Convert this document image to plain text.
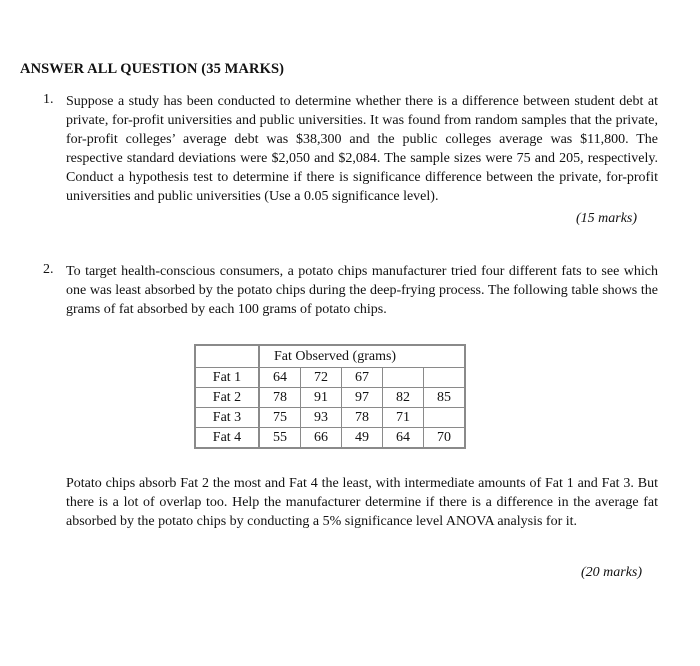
ANSWER ALL QUESTION (35 MARKS)
1. Suppose a study has been conducted to determine whether there is a difference between student debt at private, for-profit universities and public universities. It was found from random samples that the private, for-profit colleges’ average debt was $38,300 and the public colleges average was $11,800. The respective standard deviations were $2,050 and $2,084. The sample sizes were 75 and 205, respectively. Conduct a hypothesis test to determine if there is significance difference between the private, for-profit universities and public universities (Use a 0.05 significance level).
(15 marks)
2. To target health-conscious consumers, a potato chips manufacturer tried four different fats to see which one was least absorbed by the potato chips during the deep-frying process. The following table shows the grams of fat absorbed by each 100 grams of potato chips.
	Fat Observed (grams)				
Fat 1	64	72	67		
Fat 2	78	91	97	82	85
Fat 3	75	93	78	71	
Fat 4	55	66	49	64	70
Potato chips absorb Fat 2 the most and Fat 4 the least, with intermediate amounts of Fat 1 and Fat 3. But there is a lot of overlap too. Help the manufacturer determine if there is a difference in the average fat absorbed by the potato chips by conducting a 5% significance level ANOVA analysis for it.
(20 marks)
